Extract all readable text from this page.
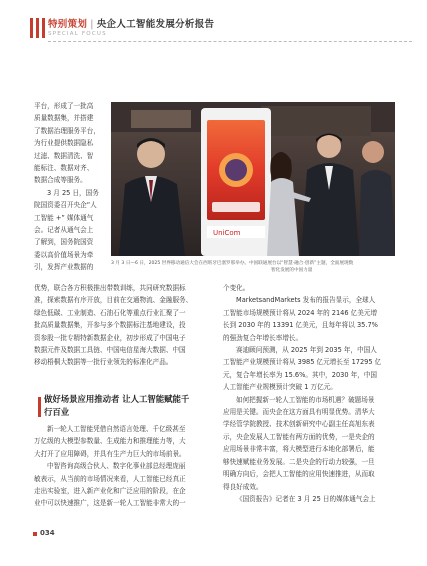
特别策划 | 央企人工智能发展分析报告
SPECIAL FOCUS
平台，形成了一批高
质量数据集，并搭建
了数据治理服务平台，
为行业提供数据隐私
过滤、数据清洗、智
能标注、数据对齐、
数据合成等服务。
3 月 25 日，国务
院国资委召开央企“人
工智能 +” 媒体通气
会。记者从通气会上
了解到，国务院国资
委以高价值场景为牵
引，发挥产业数据的
UniCom

3 月 3 日—6 日，2025 世界移动通信大会在西班牙巴塞罗那举办。中国联通展台以“智慧·融合·创新”主题，全面展现数
智化发展的中国力量

优势，联合各方积极推出带数训练，共同研究数据标
准，探索数据有序开放，目前在交通物流、金融服务、
绿色低碳、工业制造、石油石化等重点行业汇聚了一
批高质量数据集，开参与多个数据标注基地建设，投
资参股一批专精特新数据企业，初步形成了中国电子
数据元件及数据工具链、中国电信星海大数据、中国
移动梧桐大数据等一批行业领先的标准化产品。
做好场景应用推动者 让人工智能赋能千
行百业
新一轮人工智能凭借自然语言处理、千亿级甚至
万亿级的大模型参数量、生成能力和推理能力等，大
大打开了应用障碍，并具有生产力巨大的市场前景。
中智咨询高级合伙人、数字化事业部总经理庞丽
敏表示，从当前的市场情况来看，人工智能已经真正
走出实验室，进入新产业化和广泛应用的阶段，在企
业中可以快速推广，这是新一轮人工智能非常大的一
个变化。
MarketsandMarkets 发布的报告显示，全球人
工智能市场规模预计将从 2024 年的 2146 亿美元增
长到 2030 年的 13391 亿美元，且每年将以 35.7%
的强劲复合年增长率增长。
赛迪顾问预测，从 2025 年到 2035 年，中国人
工智能产业规模预计将从 3985 亿元增长至 17295 亿
元，复合年增长率为 15.6%。其中，2030 年，中国
人工智能产业规模预计突破 1 万亿元。
如何把握新一轮人工智能的市场机遇？破题场景
应用是关键。而央企在这方面具有明显优势。清华大
学经管学院教授、技术创新研究中心副主任高旭东表
示，央企发展人工智能有两方面的优势，一是央企的
应用场景非常丰富，将大模型进行本地化部署后，能
够快速赋能业务发展。二是央企的行动力较强，一旦
明确方向后，会把人工智能的应用快速推进，从而取
得良好成效。
《国资报告》记者在 3 月 25 日的媒体通气会上
034
